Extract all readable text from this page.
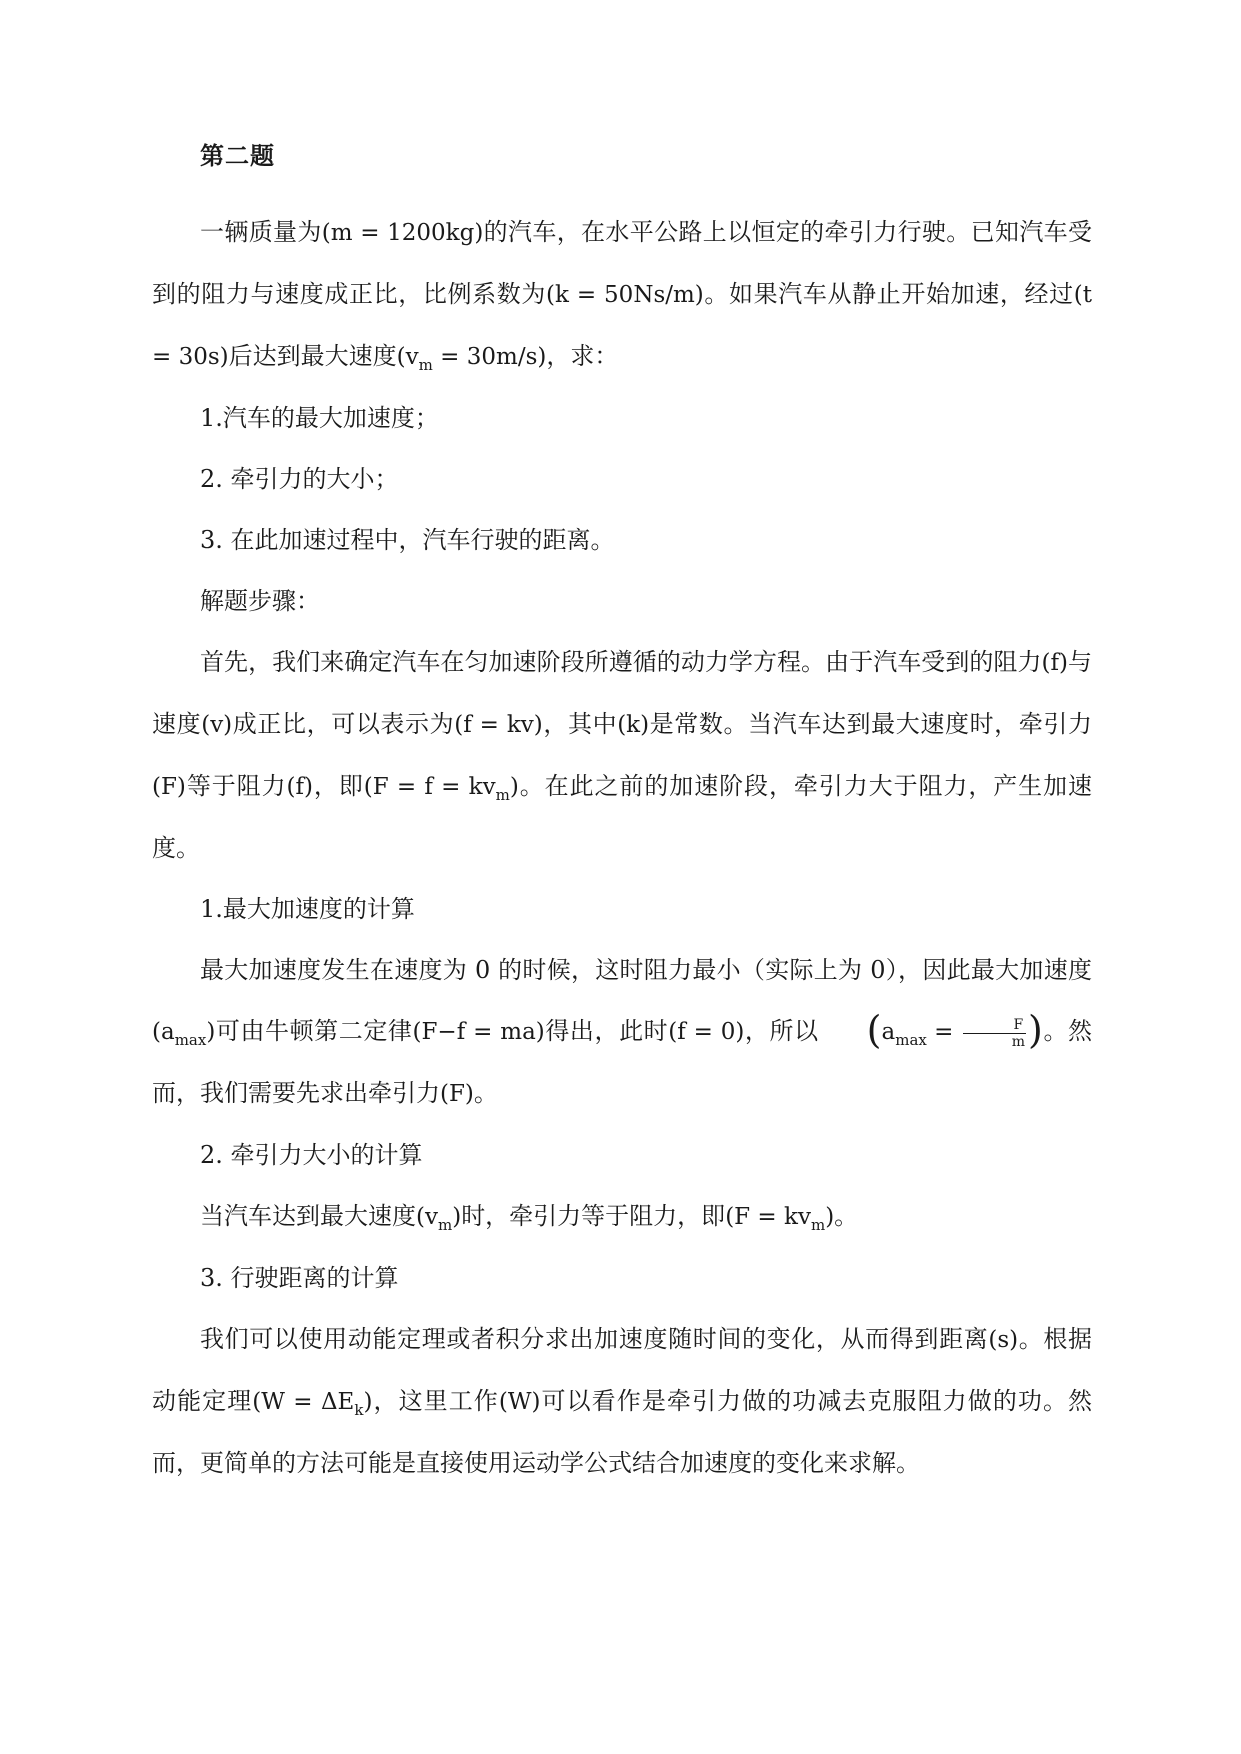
第二题

一辆质量为(m = 1200kg)的汽车，在水平公路上以恒定的牵引力行驶。已知汽车受到的阻力与速度成正比，比例系数为(k = 50Ns/m)。如果汽车从静止开始加速，经过(t = 30s)后达到最大速度$(v_m = 30m/s)$，求：

1.汽车的最大加速度；

2. 牵引力的大小；

3. 在此加速过程中，汽车行驶的距离。

解题步骤：

首先，我们来确定汽车在匀加速阶段所遵循的动力学方程。由于汽车受到的阻力(f)与速度(v)成正比，可以表示为(f = kv)，其中(k)是常数。当汽车达到最大速度时，牵引力(F)等于阻力(f)，即$(F = f = kv_m)$。在此之前的加速阶段，牵引力大于阻力，产生加速度。

1.最大加速度的计算

最大加速度发生在速度为 0 的时候，这时阻力最小（实际上为 0），因此最大加速度$(a_{max})$可由牛顿第二定律(F−f = ma)得出，此时(f = 0)，所以 ($a_{max} = \frac{F}{m}$ )。然而，我们需要先求出牵引力(F)。

2. 牵引力大小的计算

当汽车达到最大速度$(v_m)$时，牵引力等于阻力，即$(F = kv_m)$。

3. 行驶距离的计算

我们可以使用动能定理或者积分求出加速度随时间的变化，从而得到距离(s)。根据动能定理$(W = \Delta E_k)$，这里工作(W)可以看作是牵引力做的功减去克服阻力做的功。然而，更简单的方法可能是直接使用运动学公式结合加速度的变化来求解。
